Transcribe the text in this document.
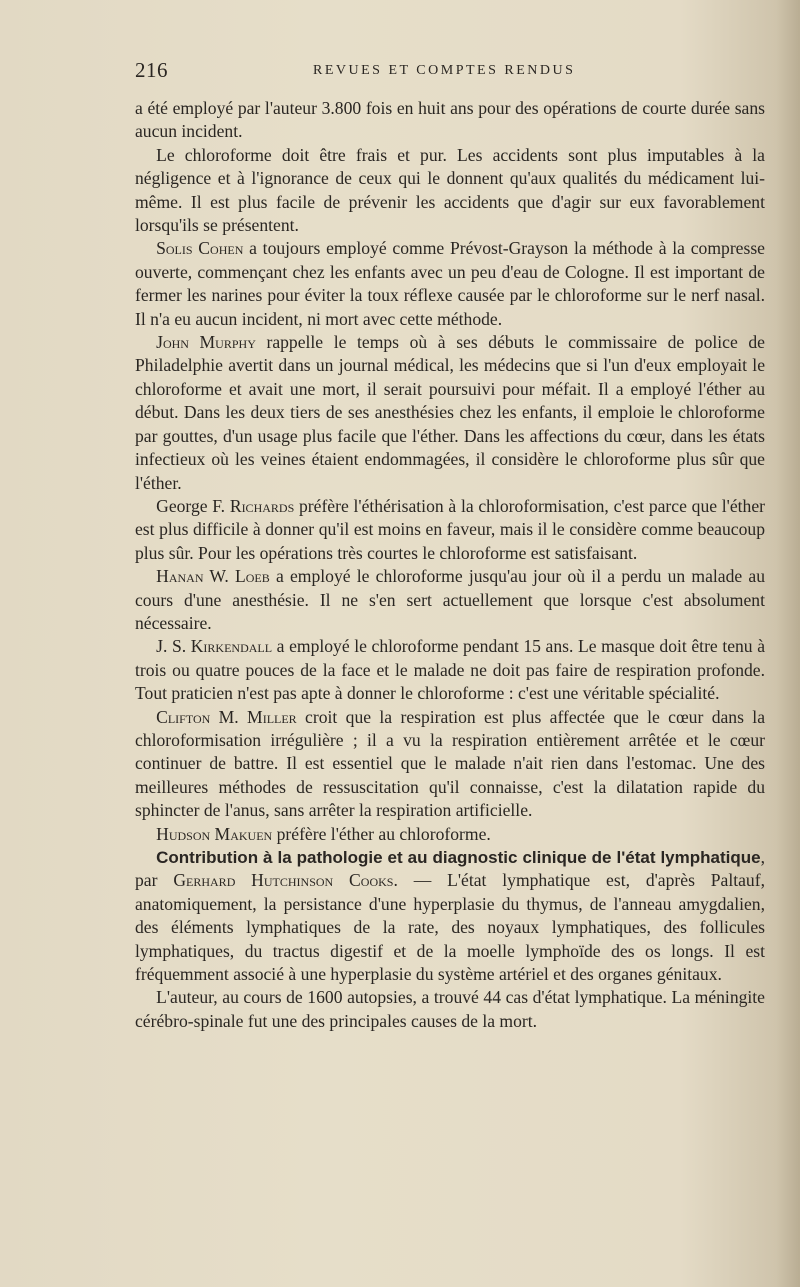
216	REVUES ET COMPTES RENDUS

a été employé par l'auteur 3.800 fois en huit ans pour des opérations de courte durée sans aucun incident.

Le chloroforme doit être frais et pur. Les accidents sont plus imputables à la négligence et à l'ignorance de ceux qui le donnent qu'aux qualités du médicament lui-même. Il est plus facile de prévenir les accidents que d'agir sur eux favorablement lorsqu'ils se présentent.

Solis Cohen a toujours employé comme Prévost-Grayson la méthode à la compresse ouverte, commençant chez les enfants avec un peu d'eau de Cologne. Il est important de fermer les narines pour éviter la toux réflexe causée par le chloroforme sur le nerf nasal. Il n'a eu aucun incident, ni mort avec cette méthode.

John Murphy rappelle le temps où à ses débuts le commissaire de police de Philadelphie avertit dans un journal médical, les médecins que si l'un d'eux employait le chloroforme et avait une mort, il serait poursuivi pour méfait. Il a employé l'éther au début. Dans les deux tiers de ses anesthésies chez les enfants, il emploie le chloroforme par gouttes, d'un usage plus facile que l'éther. Dans les affections du cœur, dans les états infectieux où les veines étaient endommagées, il considère le chloroforme plus sûr que l'éther.

George F. Richards préfère l'éthérisation à la chloroformisation, c'est parce que l'éther est plus difficile à donner qu'il est moins en faveur, mais il le considère comme beaucoup plus sûr. Pour les opérations très courtes le chloroforme est satisfaisant.

Hanan W. Loeb a employé le chloroforme jusqu'au jour où il a perdu un malade au cours d'une anesthésie. Il ne s'en sert actuellement que lorsque c'est absolument nécessaire.

J. S. Kirkendall a employé le chloroforme pendant 15 ans. Le masque doit être tenu à trois ou quatre pouces de la face et le malade ne doit pas faire de respiration profonde. Tout praticien n'est pas apte à donner le chloroforme : c'est une véritable spécialité.

Clifton M. Miller croit que la respiration est plus affectée que le cœur dans la chloroformisation irrégulière ; il a vu la respiration entièrement arrêtée et le cœur continuer de battre. Il est essentiel que le malade n'ait rien dans l'estomac. Une des meilleures méthodes de ressuscitation qu'il connaisse, c'est la dilatation rapide du sphincter de l'anus, sans arrêter la respiration artificielle.

Hudson Makuen préfère l'éther au chloroforme.

Contribution à la pathologie et au diagnostic clinique de l'état lymphatique, par Gerhard Hutchinson Cooks. — L'état lymphatique est, d'après Paltauf, anatomiquement, la persistance d'une hyperplasie du thymus, de l'anneau amygdalien, des éléments lymphatiques de la rate, des noyaux lymphatiques, des follicules lymphatiques, du tractus digestif et de la moelle lymphoïde des os longs. Il est fréquemment associé à une hyperplasie du système artériel et des organes génitaux.

L'auteur, au cours de 1600 autopsies, a trouvé 44 cas d'état lymphatique. La méningite cérébro-spinale fut une des principales causes de la mort.
